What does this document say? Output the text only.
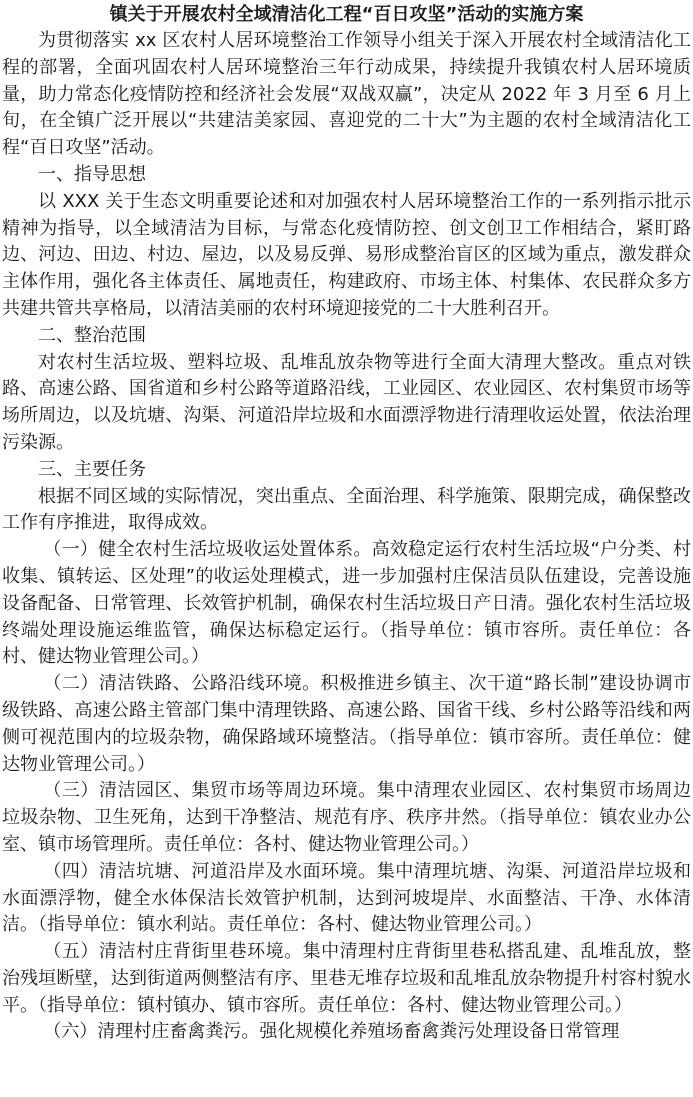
镇关于开展农村全域清洁化工程“百日攻坚”活动的实施方案

为贯彻落实 xx 区农村人居环境整治工作领导小组关于深入开展农村全域清洁化工程的部署，全面巩固农村人居环境整治三年行动成果，持续提升我镇农村人居环境质量，助力常态化疫情防控和经济社会发展“双战双赢”，决定从 2022 年 3 月至 6 月上旬，在全镇广泛开展以“共建洁美家园、喜迎党的二十大”为主题的农村全域清洁化工程“百日攻坚”活动。

一、指导思想

以 XXX 关于生态文明重要论述和对加强农村人居环境整治工作的一系列指示批示精神为指导，以全域清洁为目标，与常态化疫情防控、创文创卫工作相结合，紧盯路边、河边、田边、村边、屋边，以及易反弹、易形成整治盲区的区域为重点，激发群众主体作用，强化各主体责任、属地责任，构建政府、市场主体、村集体、农民群众多方共建共管共享格局，以清洁美丽的农村环境迎接党的二十大胜利召开。

二、整治范围

对农村生活垃圾、塑料垃圾、乱堆乱放杂物等进行全面大清理大整改。重点对铁路、高速公路、国省道和乡村公路等道路沿线，工业园区、农业园区、农村集贸市场等场所周边，以及坑塘、沟渠、河道沿岸垃圾和水面漂浮物进行清理收运处置，依法治理污染源。

三、主要任务

根据不同区域的实际情况，突出重点、全面治理、科学施策、限期完成，确保整改工作有序推进，取得成效。

（一）健全农村生活垃圾收运处置体系。高效稳定运行农村生活垃圾“户分类、村收集、镇转运、区处理”的收运处理模式，进一步加强村庄保洁员队伍建设，完善设施设备配备、日常管理、长效管护机制，确保农村生活垃圾日产日清。强化农村生活垃圾终端处理设施运维监管，确保达标稳定运行。（指导单位：镇市容所。责任单位：各村、健达物业管理公司。）

（二）清洁铁路、公路沿线环境。积极推进乡镇主、次干道“路长制”建设协调市级铁路、高速公路主管部门集中清理铁路、高速公路、国省干线、乡村公路等沿线和两侧可视范围内的垃圾杂物，确保路域环境整洁。（指导单位：镇市容所。责任单位：健达物业管理公司。）

（三）清洁园区、集贸市场等周边环境。集中清理农业园区、农村集贸市场周边垃圾杂物、卫生死角，达到干净整洁、规范有序、秩序井然。（指导单位：镇农业办公室、镇市场管理所。责任单位：各村、健达物业管理公司。）

（四）清洁坑塘、河道沿岸及水面环境。集中清理坑塘、沟渠、河道沿岸垃圾和水面漂浮物，健全水体保洁长效管护机制，达到河坡堤岸、水面整洁、干净、水体清洁。（指导单位：镇水利站。责任单位：各村、健达物业管理公司。）

（五）清洁村庄背街里巷环境。集中清理村庄背街里巷私搭乱建、乱堆乱放，整治残垣断壁，达到街道两侧整洁有序、里巷无堆存垃圾和乱堆乱放杂物提升村容村貌水平。（指导单位：镇村镇办、镇市容所。责任单位：各村、健达物业管理公司。）

（六）清理村庄畜禽粪污。强化规模化养殖场畜禽粪污处理设备日常管理
